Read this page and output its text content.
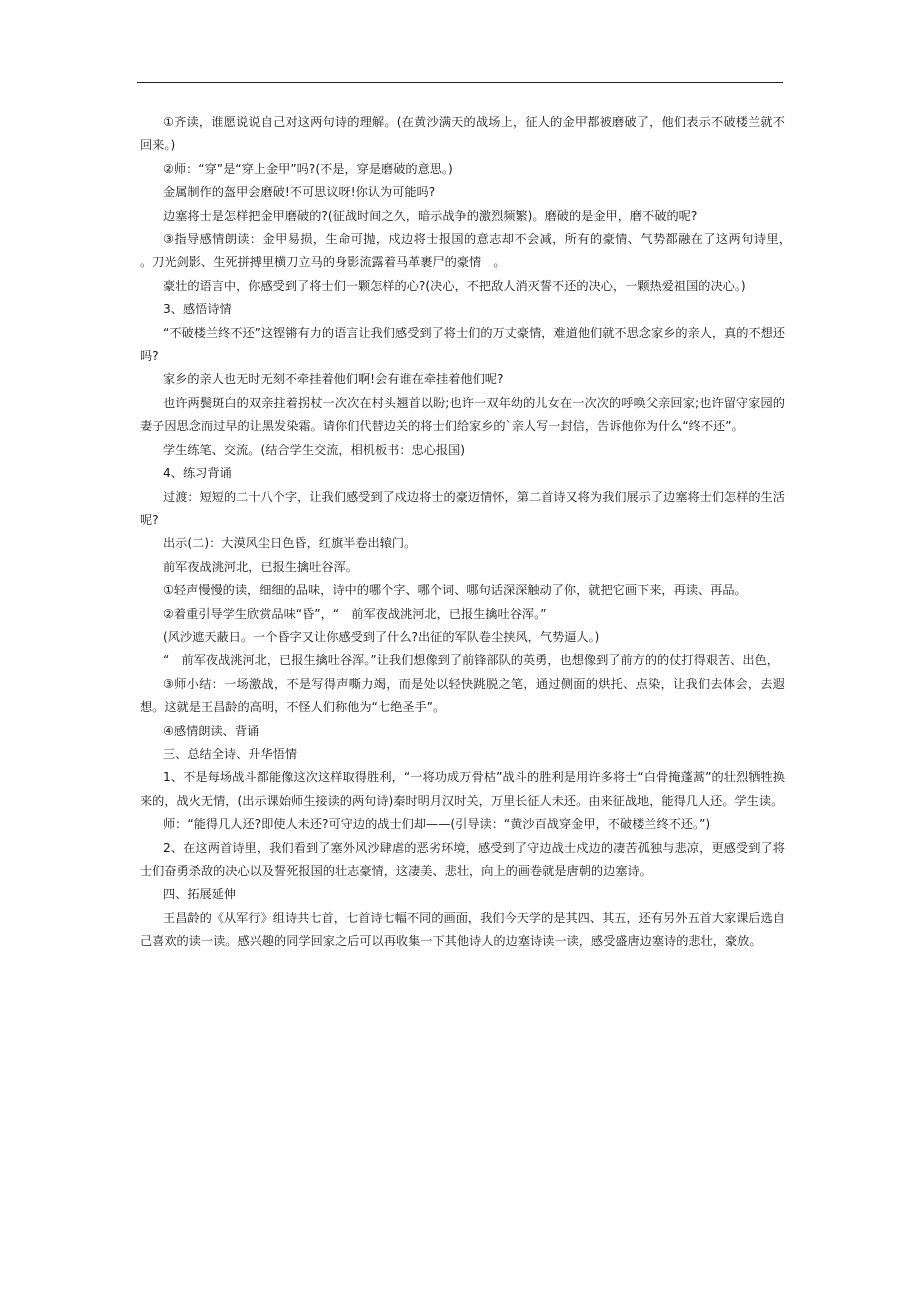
①齐读，谁愿说说自己对这两句诗的理解。(在黄沙满天的战场上，征人的金甲都被磨破了，他们表示不破楼兰就不回来。)

②师：“穿”是“穿上金甲”吗?(不是，穿是磨破的意思。)

金属制作的盔甲会磨破!不可思议呀!你认为可能吗?

边塞将士是怎样把金甲磨破的?(征战时间之久，暗示战争的激烈频繁)。磨破的是金甲，磨不破的呢?

③指导感情朗读：金甲易损，生命可抛，戍边将士报国的意志却不会减，所有的豪情、气势都融在了这两句诗里，　。刀光剑影、生死拼搏里横刀立马的身影流露着马革裹尸的豪情　。

豪壮的语言中，你感受到了将士们一颗怎样的心?(决心，不把敌人消灭誓不还的决心，一颗热爱祖国的决心。)

3、感悟诗情

“不破楼兰终不还”这铿锵有力的语言让我们感受到了将士们的万丈豪情，难道他们就不思念家乡的亲人，真的不想还吗?

家乡的亲人也无时无刻不牵挂着他们啊!会有谁在牵挂着他们呢?

也许两鬓斑白的双亲拄着拐杖一次次在村头翘首以盼;也许一双年幼的儿女在一次次的呼唤父亲回家;也许留守家园的妻子因思念而过早的让黑发染霜。请你们代替边关的将士们给家乡的`亲人写一封信，告诉他你为什么“终不还”。

学生练笔、交流。(结合学生交流，相机板书：忠心报国)

4、练习背诵

过渡：短短的二十八个字，让我们感受到了戍边将士的豪迈情怀，第二首诗又将为我们展示了边塞将士们怎样的生活呢?

出示(二)：大漠风尘日色昏，红旗半卷出辕门。

前军夜战洮河北，已报生擒吐谷浑。

①轻声慢慢的读，细细的品味，诗中的哪个字、哪个词、哪句话深深触动了你，就把它画下来，再读、再品。

②着重引导学生欣赏品味“昏”，“　前军夜战洮河北，已报生擒吐谷浑。”

(风沙遮天蔽日。一个昏字又让你感受到了什么?出征的军队卷尘挟风，气势逼人。)

“　前军夜战洮河北，已报生擒吐谷浑。”让我们想像到了前锋部队的英勇，也想像到了前方的的仗打得艰苦、出色，

③师小结：一场激战，不是写得声嘶力竭，而是处以轻快跳脱之笔，通过侧面的烘托、点染，让我们去体会，去遐想。这就是王昌龄的高明，不怪人们称他为“七绝圣手”。

④感情朗读、背诵

三、总结全诗、升华悟情

1、不是每场战斗都能像这次这样取得胜利，“一将功成万骨枯”战斗的胜利是用许多将士“白骨掩蓬蒿”的壮烈牺牲换来的，战火无情，(出示课始师生接读的两句诗)秦时明月汉时关，万里长征人未还。由来征战地，能得几人还。学生读。

师：“能得几人还?即使人未还?可守边的战士们却——(引导读：“黄沙百战穿金甲，不破楼兰终不还。”)

2、在这两首诗里，我们看到了塞外风沙肆虐的恶劣环境，感受到了守边战士戍边的凄苦孤独与悲凉，更感受到了将士们奋勇杀敌的决心以及誓死报国的壮志豪情，这凄美、悲壮，向上的画卷就是唐朝的边塞诗。

四、拓展延伸

王昌龄的《从军行》组诗共七首，七首诗七幅不同的画面，我们今天学的是其四、其五，还有另外五首大家课后选自己喜欢的读一读。感兴趣的同学回家之后可以再收集一下其他诗人的边塞诗读一读，感受盛唐边塞诗的悲壮，豪放。
